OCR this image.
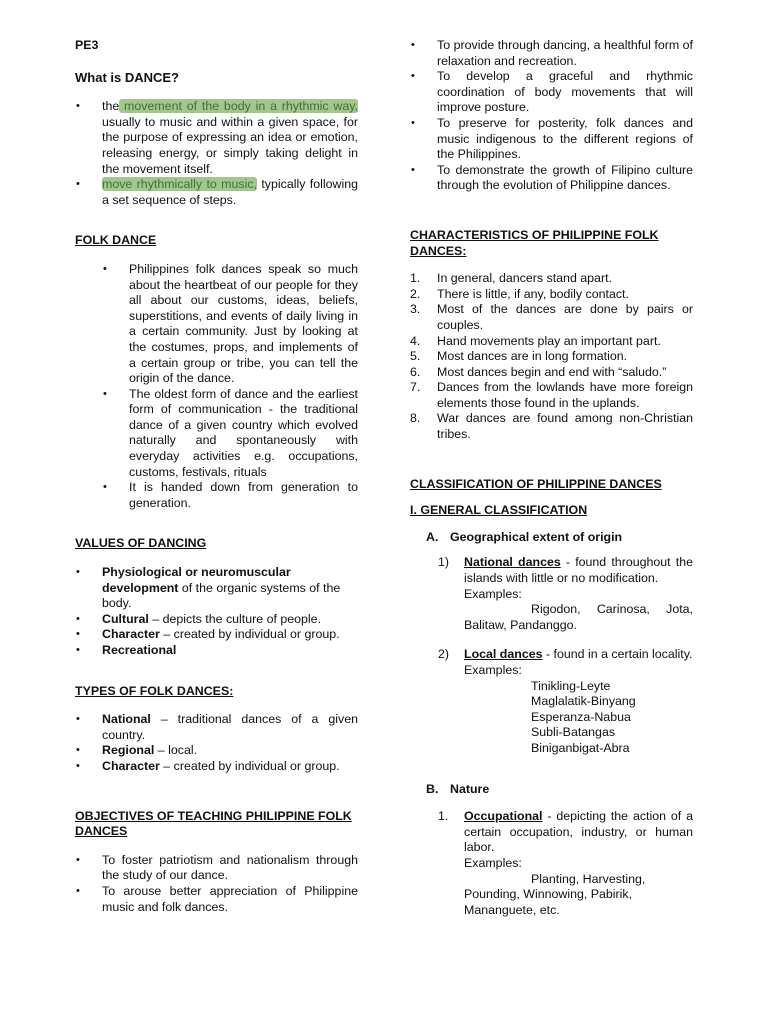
PE3

What is DANCE?

• the movement of the body in a rhythmic way, usually to music and within a given space, for the purpose of expressing an idea or emotion, releasing energy, or simply taking delight in the movement itself.
• move rhythmically to music, typically following a set sequence of steps.

FOLK DANCE

• Philippines folk dances speak so much about the heartbeat of our people for they all about our customs, ideas, beliefs, superstitions, and events of daily living in a certain community. Just by looking at the costumes, props, and implements of a certain group or tribe, you can tell the origin of the dance.
• The oldest form of dance and the earliest form of communication - the traditional dance of a given country which evolved naturally and spontaneously with everyday activities e.g. occupations, customs, festivals, rituals
• It is handed down from generation to generation.

VALUES OF DANCING

• Physiological or neuromuscular development of the organic systems of the body.
• Cultural – depicts the culture of people.
• Character – created by individual or group.
• Recreational

TYPES OF FOLK DANCES:

• National – traditional dances of a given country.
• Regional – local.
• Character – created by individual or group.

OBJECTIVES OF TEACHING PHILIPPINE FOLK DANCES

• To foster patriotism and nationalism through the study of our dance.
• To arouse better appreciation of Philippine music and folk dances.
• To provide through dancing, a healthful form of relaxation and recreation.
• To develop a graceful and rhythmic coordination of body movements that will improve posture.
• To preserve for posterity, folk dances and music indigenous to the different regions of the Philippines.
• To demonstrate the growth of Filipino culture through the evolution of Philippine dances.

CHARACTERISTICS OF PHILIPPINE FOLK DANCES:

1. In general, dancers stand apart.
2. There is little, if any, bodily contact.
3. Most of the dances are done by pairs or couples.
4. Hand movements play an important part.
5. Most dances are in long formation.
6. Most dances begin and end with “saludo.”
7. Dances from the lowlands have more foreign elements those found in the uplands.
8. War dances are found among non-Christian tribes.

CLASSIFICATION OF PHILIPPINE DANCES

I. GENERAL CLASSIFICATION

A. Geographical extent of origin

1) National dances - found throughout the islands with little or no modification.
Examples:
Rigodon, Carinosa, Jota,
Balitaw, Pandanggo.
2) Local dances - found in a certain locality.
Examples:
Tinikling-Leyte
Maglalatik-Binyang
Esperanza-Nabua
Subli-Batangas
Biniganbigat-Abra

B. Nature

1. Occupational - depicting the action of a certain occupation, industry, or human labor.
Examples:
Planting, Harvesting,
Pounding, Winnowing, Pabirik,
Mananguete, etc.
